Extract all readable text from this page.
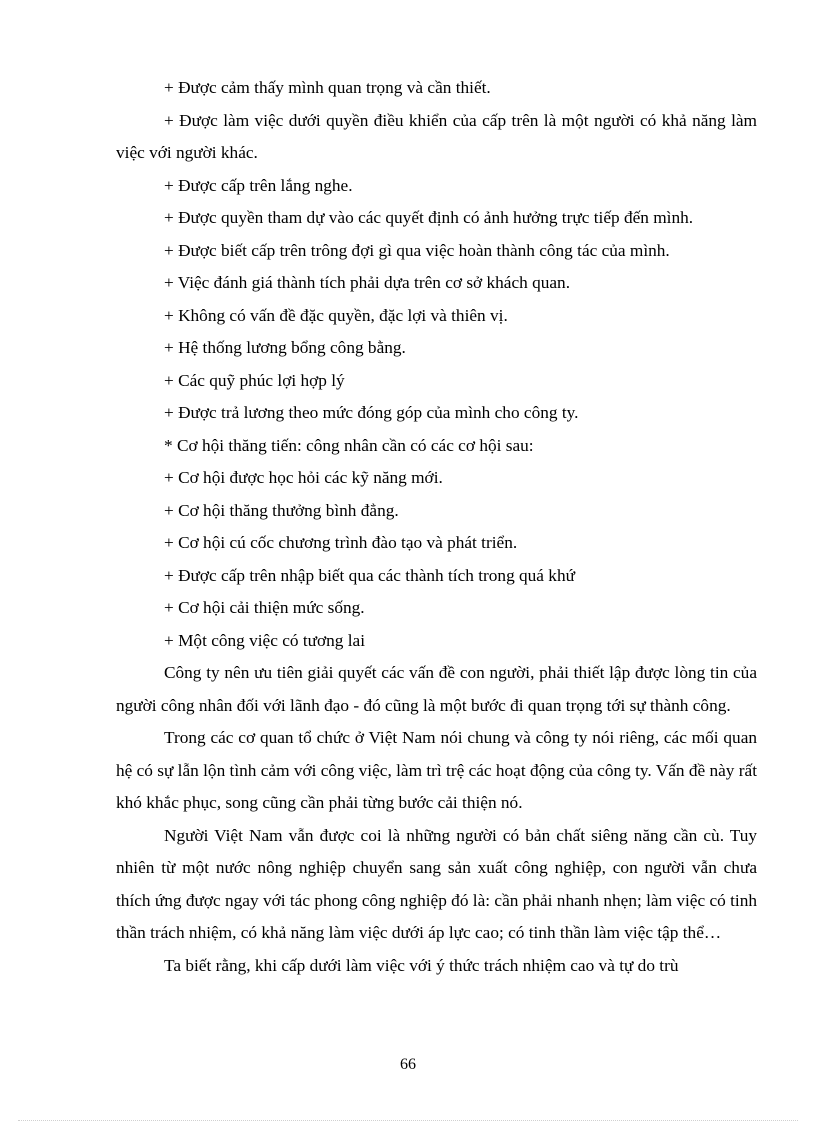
+ Được cảm thấy mình quan trọng và cần thiết.

+ Được làm việc dưới quyền điều khiển của cấp trên là một người có khả năng làm việc với người khác.

+ Được cấp trên lắng nghe.

+ Được quyền tham dự vào các quyết định có ảnh hưởng trực tiếp đến mình.

+ Được biết cấp trên trông đợi gì qua việc hoàn thành công tác của mình.

+ Việc đánh giá thành tích phải dựa trên cơ sở khách quan.

+ Không có vấn đề đặc quyền, đặc lợi và thiên vị.

+ Hệ thống lương bổng công bằng.

+ Các quỹ phúc lợi hợp lý

+ Được trả lương theo mức đóng góp của mình cho công ty.

* Cơ hội thăng tiến: công nhân cần có các cơ hội sau:

+ Cơ hội được học hỏi các kỹ năng mới.

+ Cơ hội thăng thưởng bình đẳng.

+ Cơ hội cú cốc chương trình đào tạo và phát triển.

+ Được cấp trên nhập biết qua các thành tích trong quá khứ

+ Cơ hội cải thiện mức sống.

+ Một công việc có tương lai

Công ty nên ưu tiên giải quyết các vấn đề con người, phải thiết lập được lòng tin của người công nhân đối với lãnh đạo - đó cũng là một bước đi quan trọng tới sự thành công.

Trong các cơ quan tổ chức ở Việt Nam nói chung và công ty nói riêng, các mối quan hệ có sự lẫn lộn tình cảm với công việc, làm trì trệ các hoạt động của công ty. Vấn đề này rất khó khắc phục, song cũng cần phải từng bước cải thiện nó.

Người Việt Nam vẫn được coi là những người có bản chất siêng năng cần cù. Tuy nhiên từ một nước nông nghiệp chuyển sang sản xuất công nghiệp, con người vẫn chưa thích ứng được ngay với tác phong công nghiệp đó là: cần phải nhanh nhẹn; làm việc có tinh thần trách nhiệm, có khả năng làm việc dưới áp lực cao; có tinh thần làm việc tập thể…

Ta biết rằng, khi cấp dưới làm việc với ý thức trách nhiệm cao và tự do trù

66
